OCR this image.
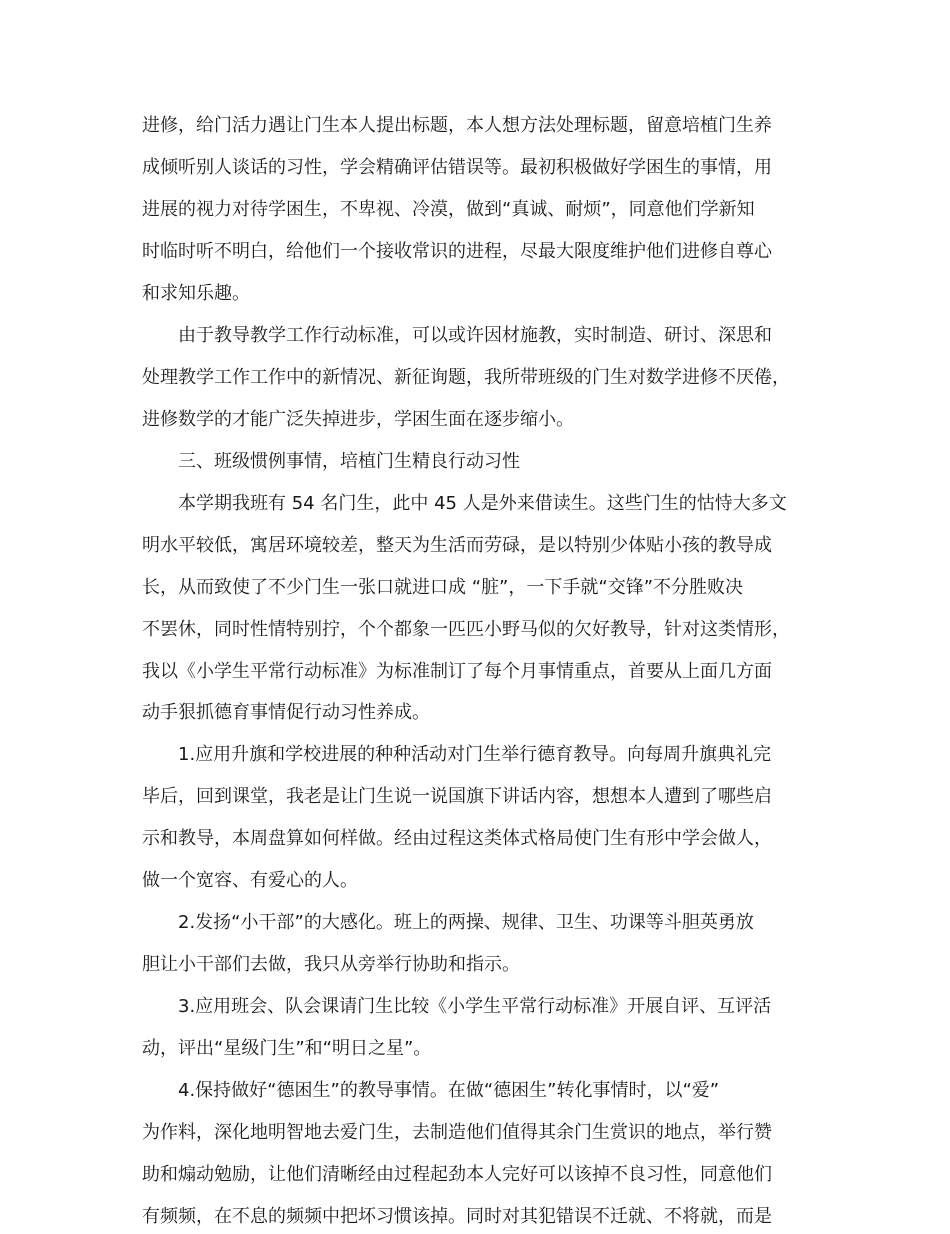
进修，给门活力遇让门生本人提出标题，本人想方法处理标题，留意培植门生养
成倾听别人谈话的习性，学会精确评估错误等。最初积极做好学困生的事情，用
进展的视力对待学困生，不卑视、冷漠，做到“真诚、耐烦”，同意他们学新知
时临时听不明白，给他们一个接收常识的进程，尽最大限度维护他们进修自尊心
和求知乐趣。
由于教导教学工作行动标准，可以或许因材施教，实时制造、研讨、深思和
处理教学工作工作中的新情况、新征询题，我所带班级的门生对数学进修不厌倦，
进修数学的才能广泛失掉进步，学困生面在逐步缩小。
三、班级惯例事情，培植门生精良行动习性
本学期我班有 54 名门生，此中 45 人是外来借读生。这些门生的怙恃大多文
明水平较低，寓居环境较差，整天为生活而劳碌，是以特别少体贴小孩的教导成
长，从而致使了不少门生一张口就进口成 “脏”，一下手就“交锋”不分胜败决
不罢休，同时性情特别拧，个个都象一匹匹小野马似的欠好教导，针对这类情形，
我以《小学生平常行动标准》为标准制订了每个月事情重点，首要从上面几方面
动手狠抓德育事情促行动习性养成。
1.应用升旗和学校进展的种种活动对门生举行德育教导。向每周升旗典礼完
毕后，回到课堂，我老是让门生说一说国旗下讲话内容，想想本人遭到了哪些启
示和教导，本周盘算如何样做。经由过程这类体式格局使门生有形中学会做人，
做一个宽容、有爱心的人。
2.发扬“小干部”的大感化。班上的两操、规律、卫生、功课等斗胆英勇放
胆让小干部们去做，我只从旁举行协助和指示。
3.应用班会、队会课请门生比较《小学生平常行动标准》开展自评、互评活
动，评出“星级门生”和“明日之星”。
4.保持做好“德困生”的教导事情。在做“德困生”转化事情时，以“爱”
为作料，深化地明智地去爱门生，去制造他们值得其余门生赏识的地点，举行赞
助和煽动勉励，让他们清晰经由过程起劲本人完好可以该掉不良习性，同意他们
有频频，在不息的频频中把坏习惯该掉。同时对其犯错误不迁就、不将就，而是
